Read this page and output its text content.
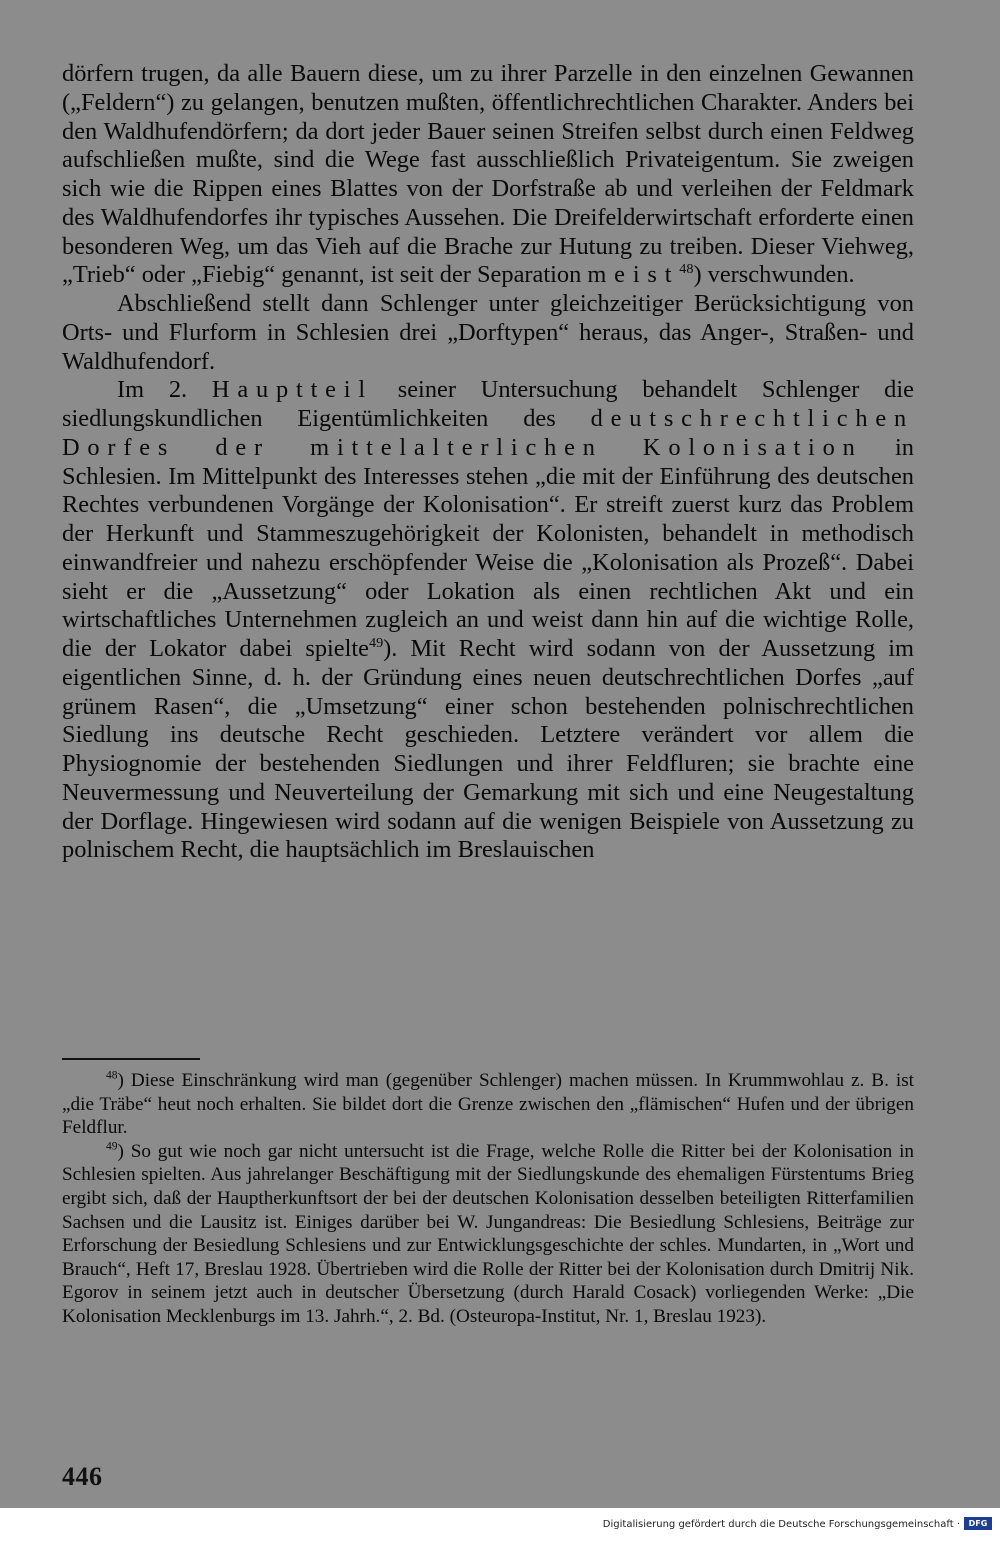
dörfern trugen, da alle Bauern diese, um zu ihrer Parzelle in den einzelnen Gewannen („Feldern“) zu gelangen, benutzen mußten, öffentlichrechtlichen Charakter. Anders bei den Waldhufendörfern; da dort jeder Bauer seinen Streifen selbst durch einen Feldweg aufschließen mußte, sind die Wege fast ausschließlich Privateigentum. Sie zweigen sich wie die Rippen eines Blattes von der Dorfstraße ab und verleihen der Feldmark des Waldhufendorfes ihr typisches Aussehen. Die Dreifelderwirtschaft erforderte einen besonderen Weg, um das Vieh auf die Brache zur Hutung zu treiben. Dieser Viehweg, „Trieb“ oder „Fiebig“ genannt, ist seit der Separation meist$^{48}$) verschwunden.

Abschließend stellt dann Schlenger unter gleichzeitiger Berücksichtigung von Orts- und Flurform in Schlesien drei „Dorftypen“ heraus, das Anger-, Straßen- und Waldhufendorf.

Im 2. Hauptteil seiner Untersuchung behandelt Schlenger die siedlungskundlichen Eigentümlichkeiten des deutschrechtlichen Dorfes der mittelalterlichen Kolonisation in Schlesien. Im Mittelpunkt des Interesses stehen „die mit der Einführung des deutschen Rechtes verbundenen Vorgänge der Kolonisation“. Er streift zuerst kurz das Problem der Herkunft und Stammeszugehörigkeit der Kolonisten, behandelt in methodisch einwandfreier und nahezu erschöpfender Weise die „Kolonisation als Prozeß“. Dabei sieht er die „Aussetzung“ oder Lokation als einen rechtlichen Akt und ein wirtschaftliches Unternehmen zugleich an und weist dann hin auf die wichtige Rolle, die der Lokator dabei spielte$^{49}$). Mit Recht wird sodann von der Aussetzung im eigentlichen Sinne, d. h. der Gründung eines neuen deutschrechtlichen Dorfes „auf grünem Rasen“, die „Umsetzung“ einer schon bestehenden polnischrechtlichen Siedlung ins deutsche Recht geschieden. Letztere verändert vor allem die Physiognomie der bestehenden Siedlungen und ihrer Feldfluren; sie brachte eine Neuvermessung und Neuverteilung der Gemarkung mit sich und eine Neugestaltung der Dorflage. Hingewiesen wird sodann auf die wenigen Beispiele von Aussetzung zu polnischem Recht, die hauptsächlich im Breslauischen

$^{48}$) Diese Einschränkung wird man (gegenüber Schlenger) machen müssen. In Krummwohlau z. B. ist „die Träbe“ heut noch erhalten. Sie bildet dort die Grenze zwischen den „flämischen“ Hufen und der übrigen Feldflur.

$^{49}$) So gut wie noch gar nicht untersucht ist die Frage, welche Rolle die Ritter bei der Kolonisation in Schlesien spielten. Aus jahrelanger Beschäftigung mit der Siedlungskunde des ehemaligen Fürstentums Brieg ergibt sich, daß der Hauptherkunftsort der bei der deutschen Kolonisation desselben beteiligten Ritterfamilien Sachsen und die Lausitz ist. Einiges darüber bei W. Jungandreas: Die Besiedlung Schlesiens, Beiträge zur Erforschung der Besiedlung Schlesiens und zur Entwicklungsgeschichte der schles. Mundarten, in „Wort und Brauch“, Heft 17, Breslau 1928. Übertrieben wird die Rolle der Ritter bei der Kolonisation durch Dmitrij Nik. Egorov in seinem jetzt auch in deutscher Übersetzung (durch Harald Cosack) vorliegenden Werke: „Die Kolonisation Mecklenburgs im 13. Jahrh.“, 2. Bd. (Osteuropa-Institut, Nr. 1, Breslau 1923).

446
Digitalisierung gefördert durch die Deutsche Forschungsgemeinschaft ·	DFG
